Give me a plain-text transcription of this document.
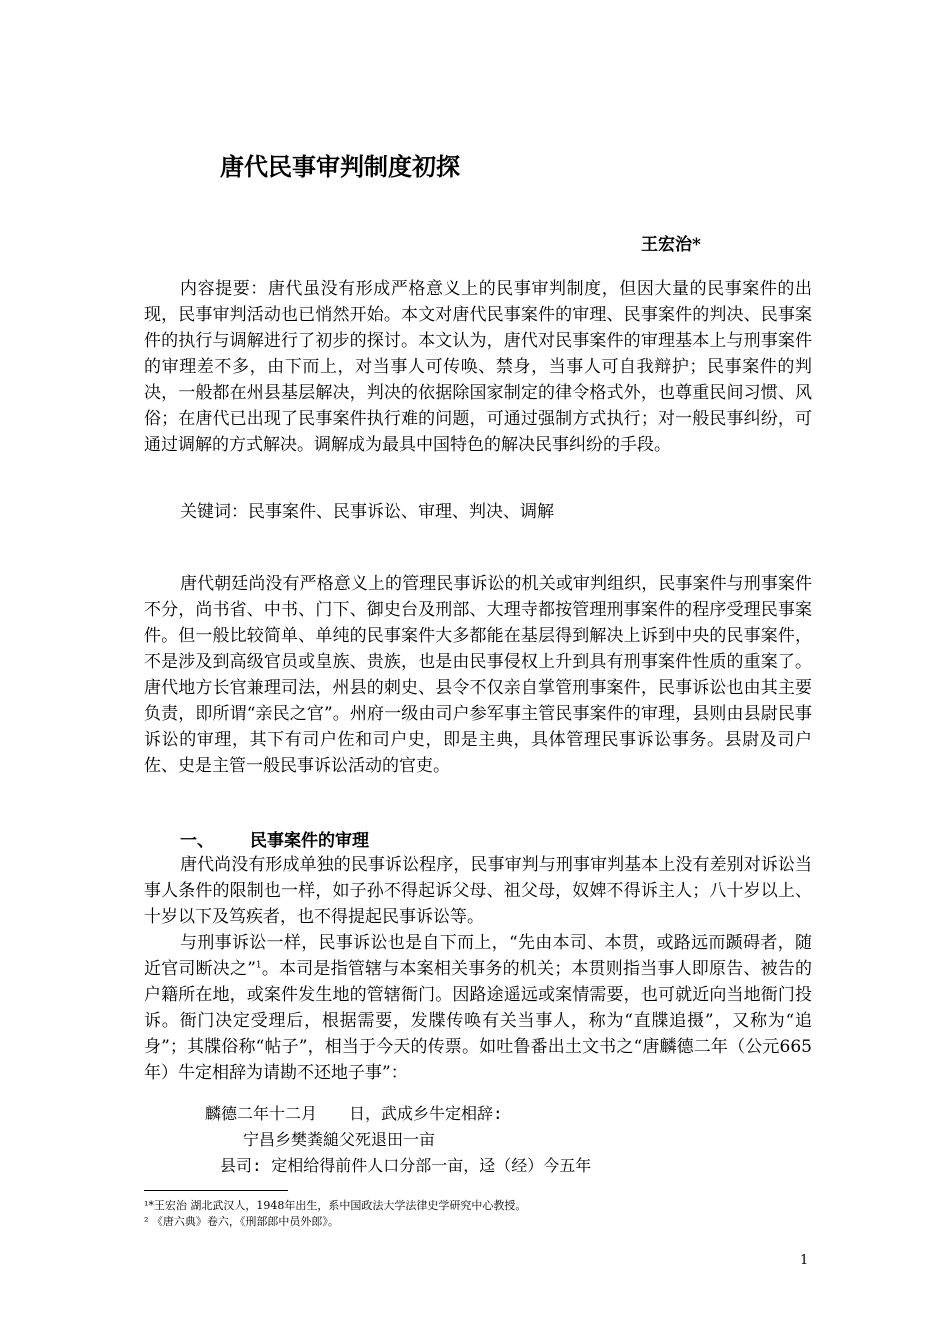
唐代民事审判制度初探
王宏治*

内容提要：唐代虽没有形成严格意义上的民事审判制度，但因大量的民事案件的出现，民事审判活动也已悄然开始。本文对唐代民事案件的审理、民事案件的判决、民事案件的执行与调解进行了初步的探讨。本文认为，唐代对民事案件的审理基本上与刑事案件的审理差不多，由下而上，对当事人可传唤、禁身，当事人可自我辩护；民事案件的判决，一般都在州县基层解决，判决的依据除国家制定的律令格式外，也尊重民间习惯、风俗；在唐代已出现了民事案件执行难的问题，可通过强制方式执行；对一般民事纠纷，可通过调解的方式解决。调解成为最具中国特色的解决民事纠纷的手段。

关键词：民事案件、民事诉讼、审理、判决、调解

唐代朝廷尚没有严格意义上的管理民事诉讼的机关或审判组织，民事案件与刑事案件不分，尚书省、中书、门下、御史台及刑部、大理寺都按管理刑事案件的程序受理民事案件。但一般比较简单、单纯的民事案件大多都能在基层得到解决上诉到中央的民事案件，不是涉及到高级官员或皇族、贵族，也是由民事侵权上升到具有刑事案件性质的重案了。唐代地方长官兼理司法，州县的刺史、县令不仅亲自掌管刑事案件，民事诉讼也由其主要负责，即所谓“亲民之官”。州府一级由司户参军事主管民事案件的审理，县则由县尉民事诉讼的审理，其下有司户佐和司户史，即是主典，具体管理民事诉讼事务。县尉及司户佐、史是主管一般民事诉讼活动的官吏。

一、 民事案件的审理

唐代尚没有形成单独的民事诉讼程序，民事审判与刑事审判基本上没有差别对诉讼当事人条件的限制也一样，如子孙不得起诉父母、祖父母，奴婢不得诉主人；八十岁以上、十岁以下及笃疾者，也不得提起民事诉讼等。

与刑事诉讼一样，民事诉讼也是自下而上，“先由本司、本贯，或路远而踬碍者，随近官司断决之”$^1$。本司是指管辖与本案相关事务的机关；本贯则指当事人即原告、被告的户籍所在地，或案件发生地的管辖衙门。因路途遥远或案情需要，也可就近向当地衙门投诉。衙门决定受理后，根据需要，发牒传唤有关当事人，称为“直牒追摄”，又称为“追身”；其牒俗称“帖子”，相当于今天的传票。如吐鲁番出土文书之“唐麟德二年（公元665年）牛定相辞为请勘不还地子事”：

麟德二年十二月　　日，武成乡牛定相辞:
宁昌乡樊粪縋父死退田一亩
县司: 定相给得前件人口分部一亩，迳（经）今五年
¹*王宏治 湖北武汉人，1948年出生，系中国政法大学法律史学研究中心教授。
² 《唐六典》卷六，《刑部郎中员外郎》。
1
